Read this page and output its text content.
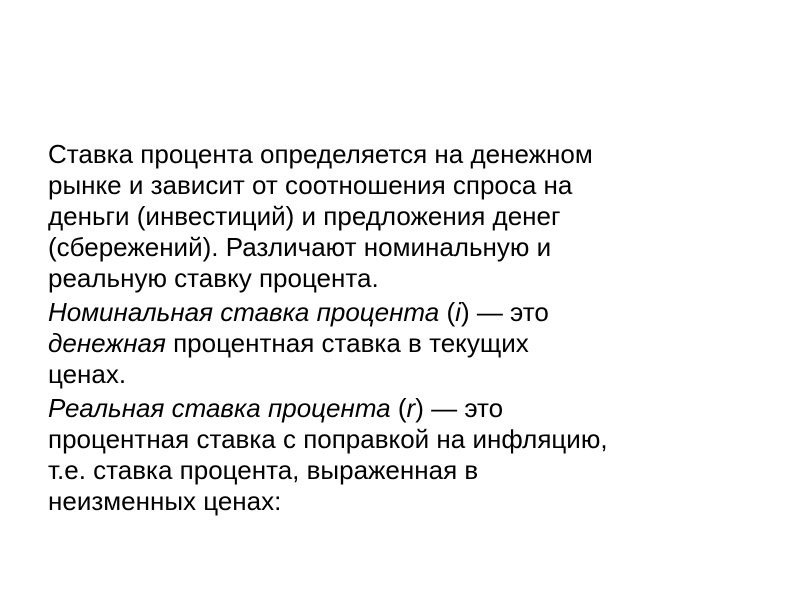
Ставка процента определяется на денежном
рынке и зависит от соотношения спроса на
деньги (инвестиций) и предложения денег
(сбережений). Различают номинальную и
реальную ставку процента.
Номинальная ставка процента (i) — это
денежная процентная ставка в текущих
ценах.
Реальная ставка процента (r) — это
процентная ставка с поправкой на инфляцию,
т.е. ставка процента, выраженная в
неизменных ценах:
